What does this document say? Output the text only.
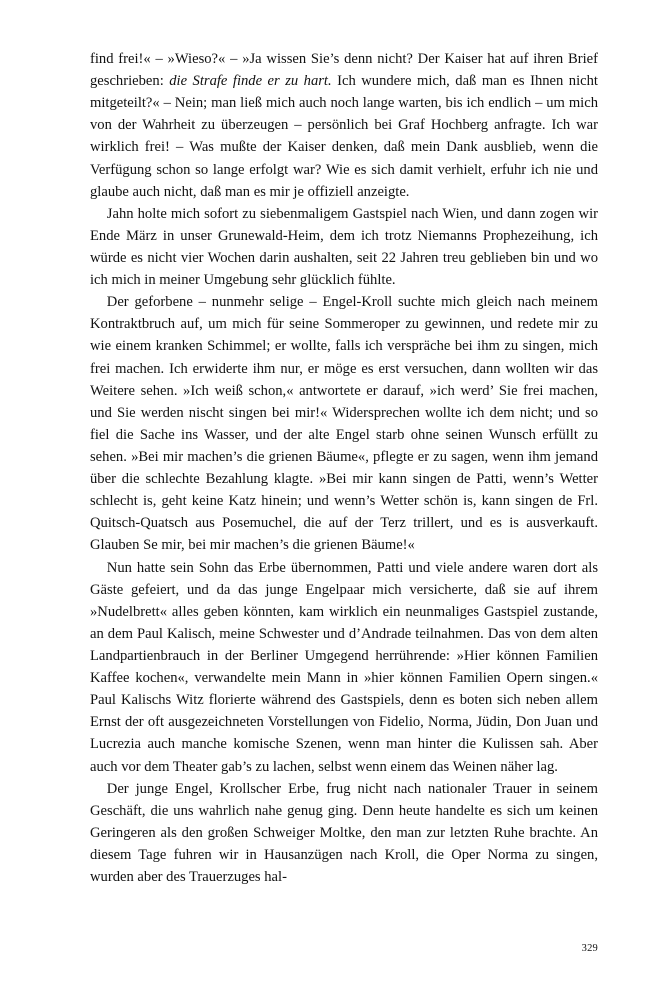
find frei!« – »Wieso?« – »Ja wissen Sie’s denn nicht? Der Kaiser hat auf ihren Brief geschrieben: die Strafe finde er zu hart. Ich wundere mich, daß man es Ihnen nicht mitgeteilt?« – Nein; man ließ mich auch noch lange warten, bis ich endlich – um mich von der Wahrheit zu überzeugen – persönlich bei Graf Hochberg anfragte. Ich war wirklich frei! – Was mußte der Kaiser denken, daß mein Dank ausblieb, wenn die Verfügung schon so lange erfolgt war? Wie es sich damit verhielt, erfuhr ich nie und glaube auch nicht, daß man es mir je offiziell anzeigte.

Jahn holte mich sofort zu siebenmaligem Gastspiel nach Wien, und dann zogen wir Ende März in unser Grunewald-Heim, dem ich trotz Niemanns Prophezeihung, ich würde es nicht vier Wochen darin aushalten, seit 22 Jahren treu geblieben bin und wo ich mich in meiner Umgebung sehr glücklich fühlte.

Der geforbene – nunmehr selige – Engel-Kroll suchte mich gleich nach meinem Kontraktbruch auf, um mich für seine Sommeroper zu gewinnen, und redete mir zu wie einem kranken Schimmel; er wollte, falls ich verspräche bei ihm zu singen, mich frei machen. Ich erwiderte ihm nur, er möge es erst versuchen, dann wollten wir das Weitere sehen. »Ich weiß schon,« antwortete er darauf, »ich werd’ Sie frei machen, und Sie werden nischt singen bei mir!« Widersprechen wollte ich dem nicht; und so fiel die Sache ins Wasser, und der alte Engel starb ohne seinen Wunsch erfüllt zu sehen. »Bei mir machen’s die grienen Bäume«, pflegte er zu sagen, wenn ihm jemand über die schlechte Bezahlung klagte. »Bei mir kann singen de Patti, wenn’s Wetter schlecht is, geht keine Katz hinein; und wenn’s Wetter schön is, kann singen de Frl. Quitsch-Quatsch aus Posemuchel, die auf der Terz trillert, und es is ausverkauft. Glauben Se mir, bei mir machen’s die grienen Bäume!«

Nun hatte sein Sohn das Erbe übernommen, Patti und viele andere waren dort als Gäste gefeiert, und da das junge Engelpaar mich versicherte, daß sie auf ihrem »Nudelbrett« alles geben könnten, kam wirklich ein neunmaliges Gastspiel zustande, an dem Paul Kalisch, meine Schwester und d’Andrade teilnahmen. Das von dem alten Landpartienbrauch in der Berliner Umgegend herrührende: »Hier können Familien Kaffee kochen«, verwandelte mein Mann in »hier können Familien Opern singen.« Paul Kalischs Witz florierte während des Gastspiels, denn es boten sich neben allem Ernst der oft ausgezeichneten Vorstellungen von Fidelio, Norma, Jüdin, Don Juan und Lucrezia auch manche komische Szenen, wenn man hinter die Kulissen sah. Aber auch vor dem Theater gab’s zu lachen, selbst wenn einem das Weinen näher lag.

Der junge Engel, Krollscher Erbe, frug nicht nach nationaler Trauer in seinem Geschäft, die uns wahrlich nahe genug ging. Denn heute handelte es sich um keinen Geringeren als den großen Schweiger Moltke, den man zur letzten Ruhe brachte. An diesem Tage fuhren wir in Hausanzügen nach Kroll, die Oper Norma zu singen, wurden aber des Trauerzuges hal-

329
